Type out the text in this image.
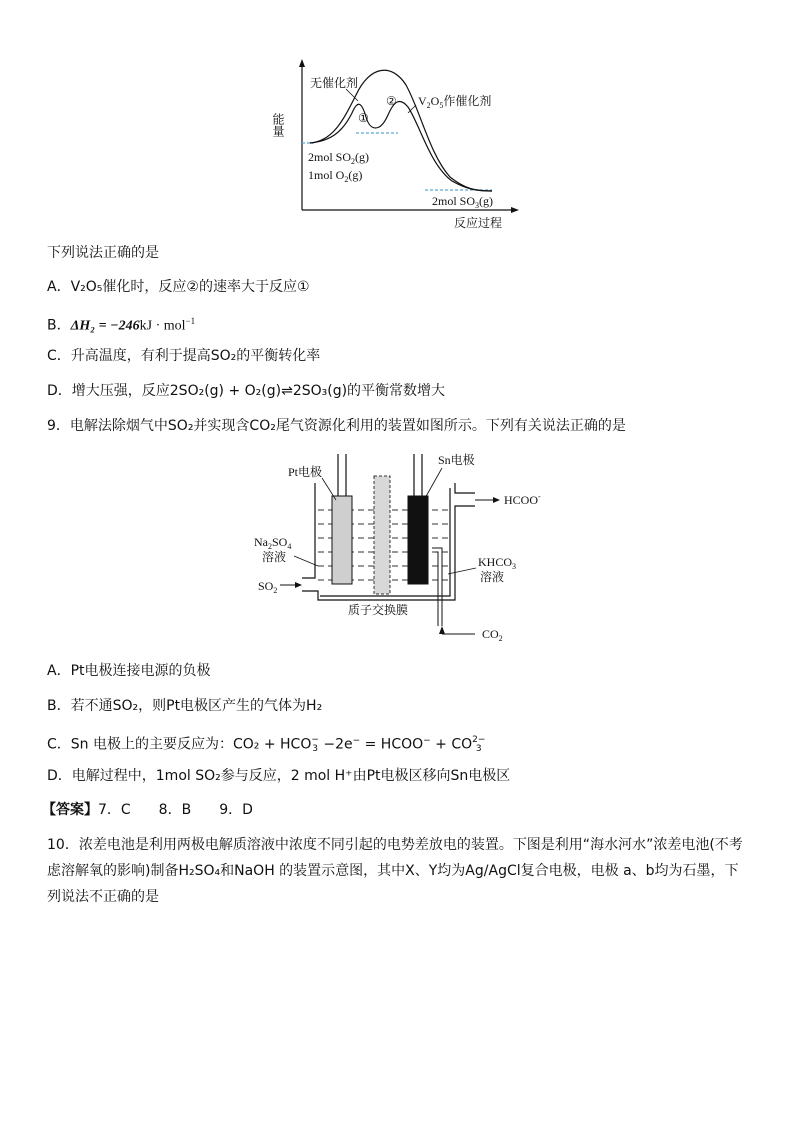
能量
无催化剂
①
② $V_2O_5$作催化剂
2mol $SO_2(g)$
1mol $O_2(g)$
2mol $SO_3(g)$
反应过程
下列说法正确的是
A．V₂O₅催化时，反应②的速率大于反应①
B．ΔH₂ = −246kJ · mol$^{-1}$
C．升高温度，有利于提高SO₂的平衡转化率
D．增大压强，反应2SO₂(g) + O₂(g)⇌2SO₃(g)的平衡常数增大
9．电解法除烟气中SO₂并实现含CO₂尾气资源化利用的装置如图所示。下列有关说法正确的是
Pt电极
Sn电极
HCOO-
$Na_2SO_4$
溶液	$KHCO_3$
溶液
$SO_2$
$CO_2$
质子交换膜
A．Pt电极连接电源的负极
B．若不通SO₂，则Pt电极区产生的气体为H₂
C．Sn 电极上的主要反应为：CO₂ + HCO −
3 −2e− = HCOO− + CO 2−
3
D．电解过程中，1mol SO₂参与反应，2 mol H⁺由Pt电极区移向Sn电极区
【答案】7．C　　8．B　　9．D
10．浓差电池是利用两极电解质溶液中浓度不同引起的电势差放电的装置。下图是利用“海水河水”浓差电池(不考虑溶解氧的影响)制备H₂SO₄和NaOH 的装置示意图，其中X、Y均为Ag/AgCl复合电极，电极 a、b均为石墨，下列说法不正确的是
